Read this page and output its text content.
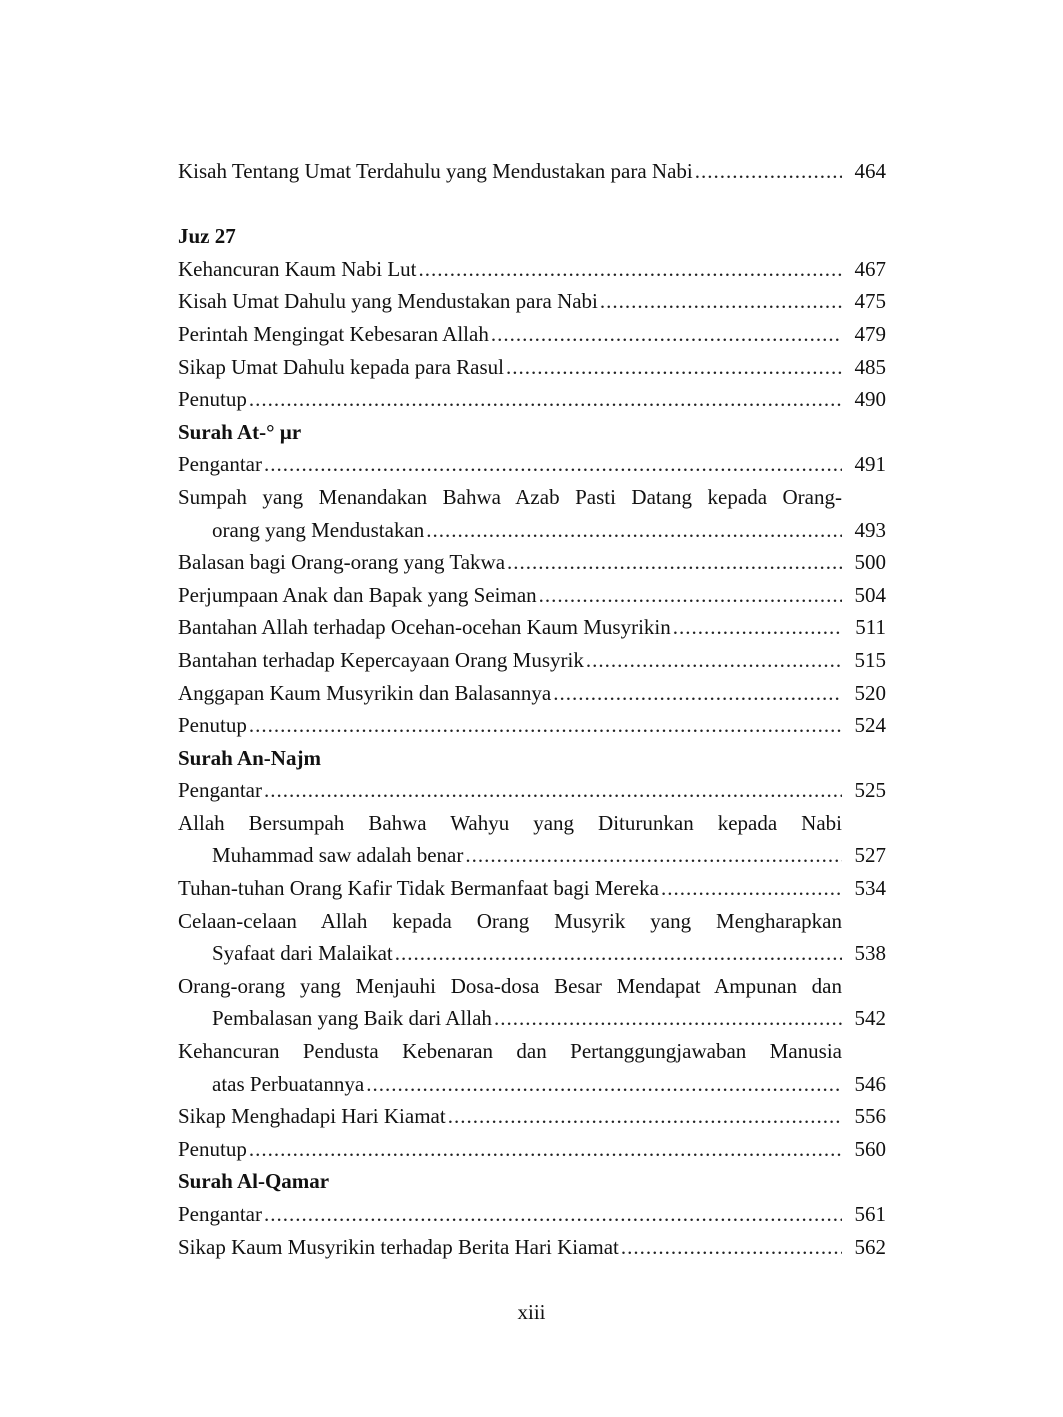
Kisah Tentang Umat Terdahulu yang Mendustakan para Nabi .....	464
Juz 27
Kehancuran Kaum Nabi Lut .....	467
Kisah Umat Dahulu yang Mendustakan para Nabi .....	475
Perintah Mengingat Kebesaran Allah .....	479
Sikap Umat Dahulu kepada para Rasul .....	485
Penutup .....	490
Surah At-° µr
Pengantar .....	491
Sumpah yang Menandakan Bahwa Azab Pasti Datang kepada Orang-
orang yang Mendustakan .....	493
Balasan bagi Orang-orang yang Takwa .....	500
Perjumpaan Anak dan Bapak yang Seiman .....	504
Bantahan Allah terhadap Ocehan-ocehan Kaum Musyrikin .....	511
Bantahan terhadap Kepercayaan Orang Musyrik .....	515
Anggapan Kaum Musyrikin dan Balasannya .....	520
Penutup .....	524
Surah An-Najm
Pengantar .....	525
Allah Bersumpah Bahwa Wahyu yang Diturunkan kepada Nabi
Muhammad saw adalah benar .....	527
Tuhan-tuhan Orang Kafir Tidak Bermanfaat bagi Mereka .....	534
Celaan-celaan Allah kepada Orang Musyrik yang Mengharapkan
Syafaat dari Malaikat .....	538
Orang-orang yang Menjauhi Dosa-dosa Besar Mendapat Ampunan dan
Pembalasan yang Baik dari Allah .....	542
Kehancuran Pendusta Kebenaran dan Pertanggungjawaban Manusia
atas Perbuatannya .....	546
Sikap Menghadapi Hari Kiamat .....	556
Penutup .....	560
Surah Al-Qamar
Pengantar .....	561
Sikap Kaum Musyrikin terhadap Berita Hari Kiamat .....	562
xiii
